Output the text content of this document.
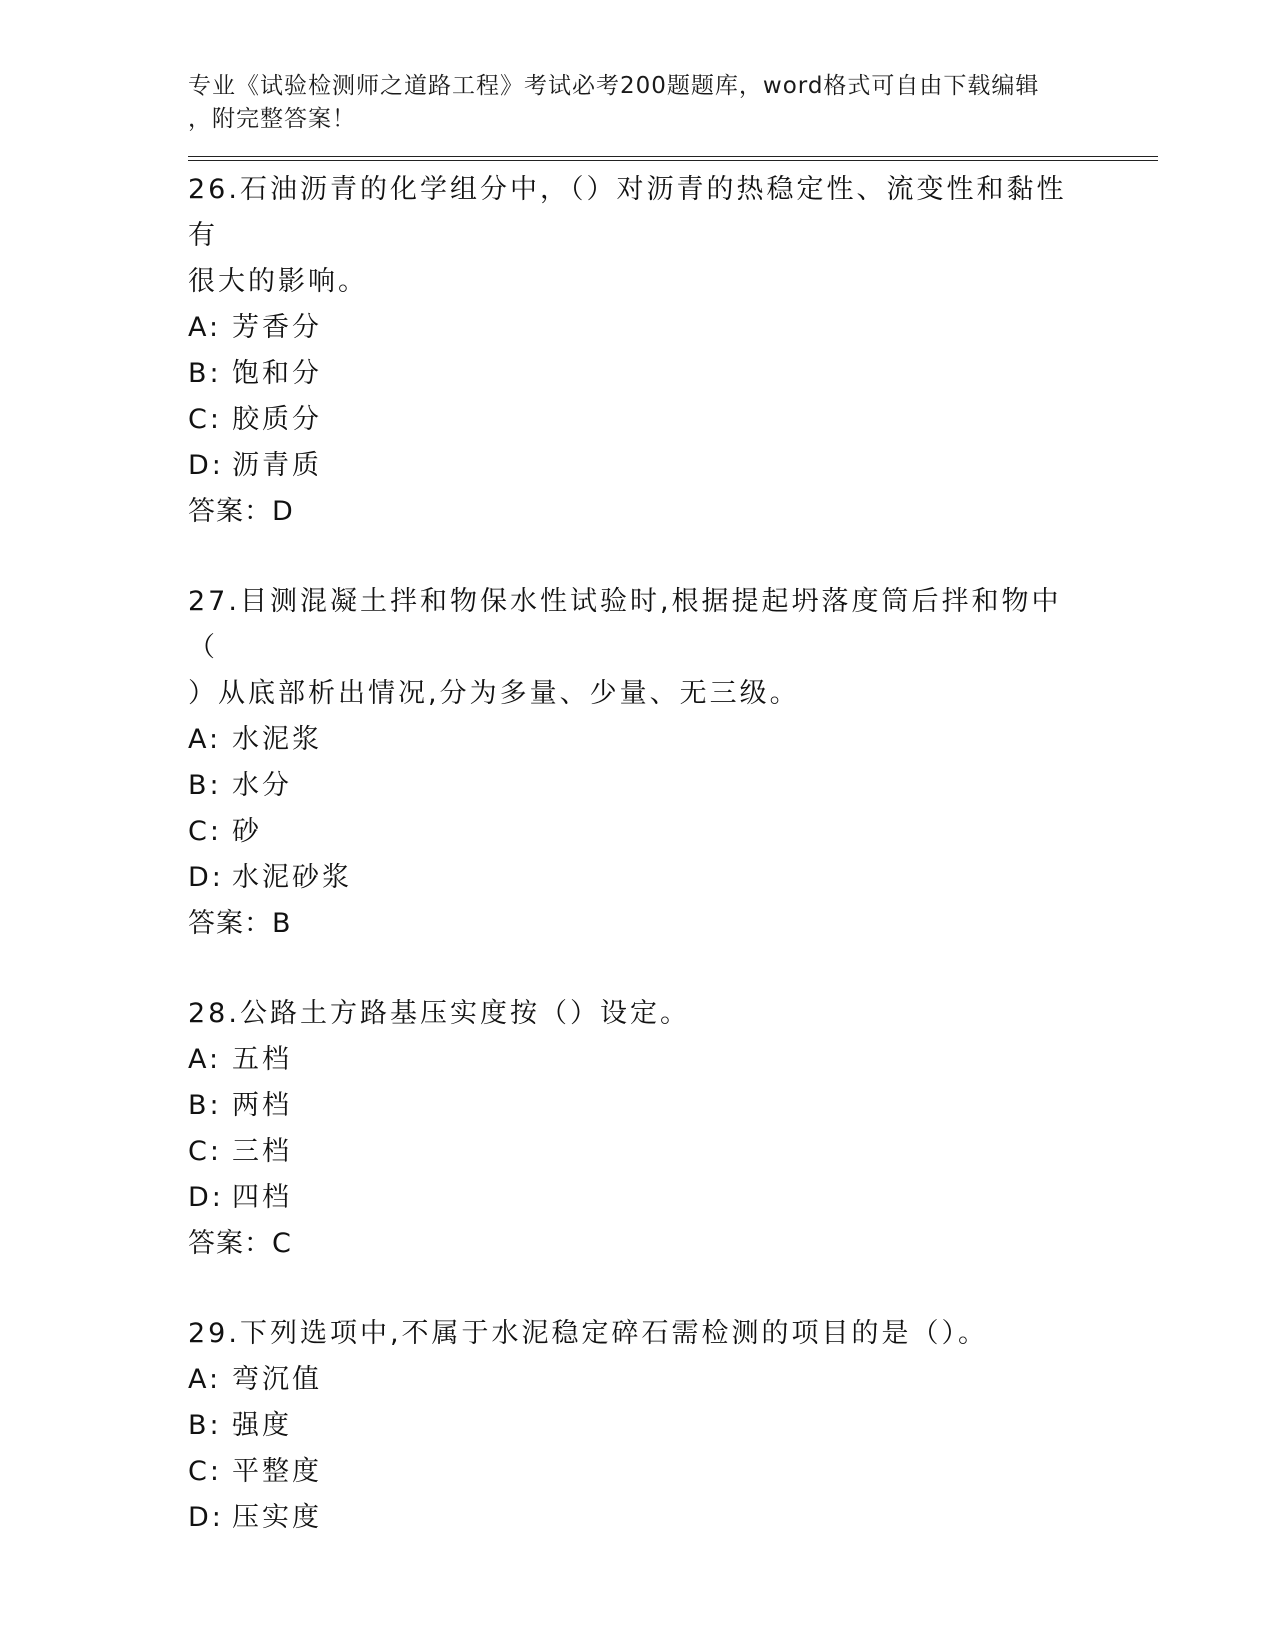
专业《试验检测师之道路工程》考试必考200题题库，word格式可自由下载编辑
，附完整答案！
26.石油沥青的化学组分中，（）对沥青的热稳定性、流变性和黏性有
很大的影响。
A: 芳香分
B: 饱和分
C: 胶质分
D: 沥青质
答案：D
27.目测混凝土拌和物保水性试验时,根据提起坍落度筒后拌和物中（
）从底部析出情况,分为多量、少量、无三级。
A: 水泥浆
B: 水分
C: 砂
D: 水泥砂浆
答案：B
28.公路土方路基压实度按（）设定。
A: 五档
B: 两档
C: 三档
D: 四档
答案：C
29.下列选项中,不属于水泥稳定碎石需检测的项目的是（）。
A: 弯沉值
B: 强度
C: 平整度
D: 压实度
